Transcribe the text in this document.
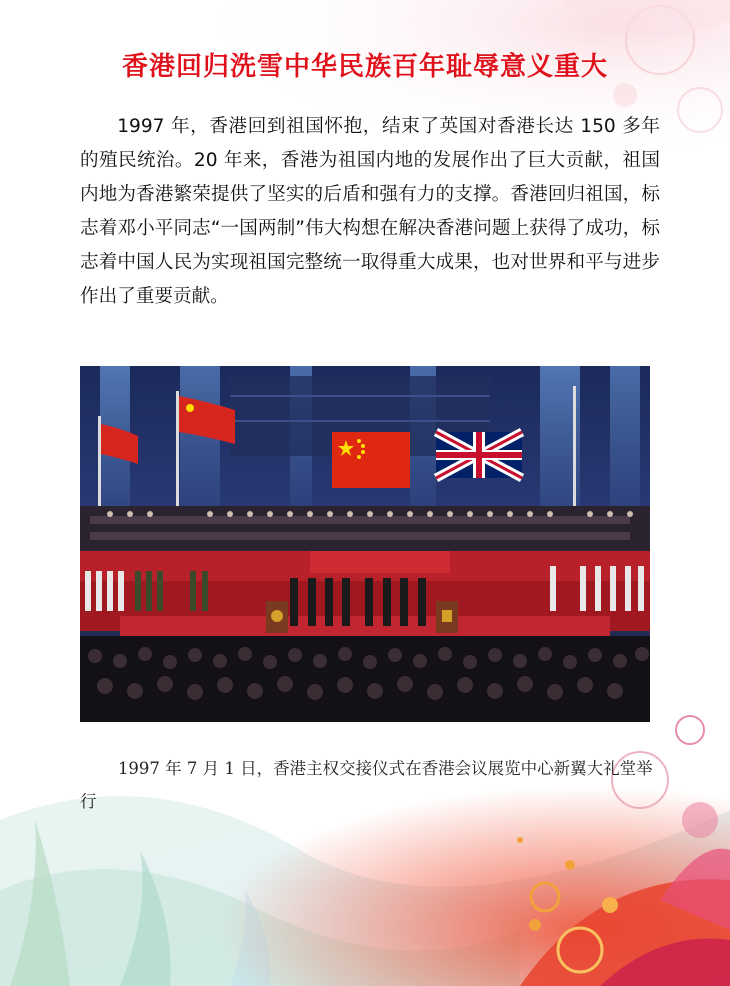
香港回归洗雪中华民族百年耻辱意义重大

1997 年，香港回到祖国怀抱，结束了英国对香港长达 150 多年的殖民统治。20 年来，香港为祖国内地的发展作出了巨大贡献，祖国内地为香港繁荣提供了坚实的后盾和强有力的支撑。香港回归祖国，标志着邓小平同志“一国两制”伟大构想在解决香港问题上获得了成功，标志着中国人民为实现祖国完整统一取得重大成果，也对世界和平与进步作出了重要贡献。

1997 年 7 月 1 日，香港主权交接仪式在香港会议展览中心新翼大礼堂举行
